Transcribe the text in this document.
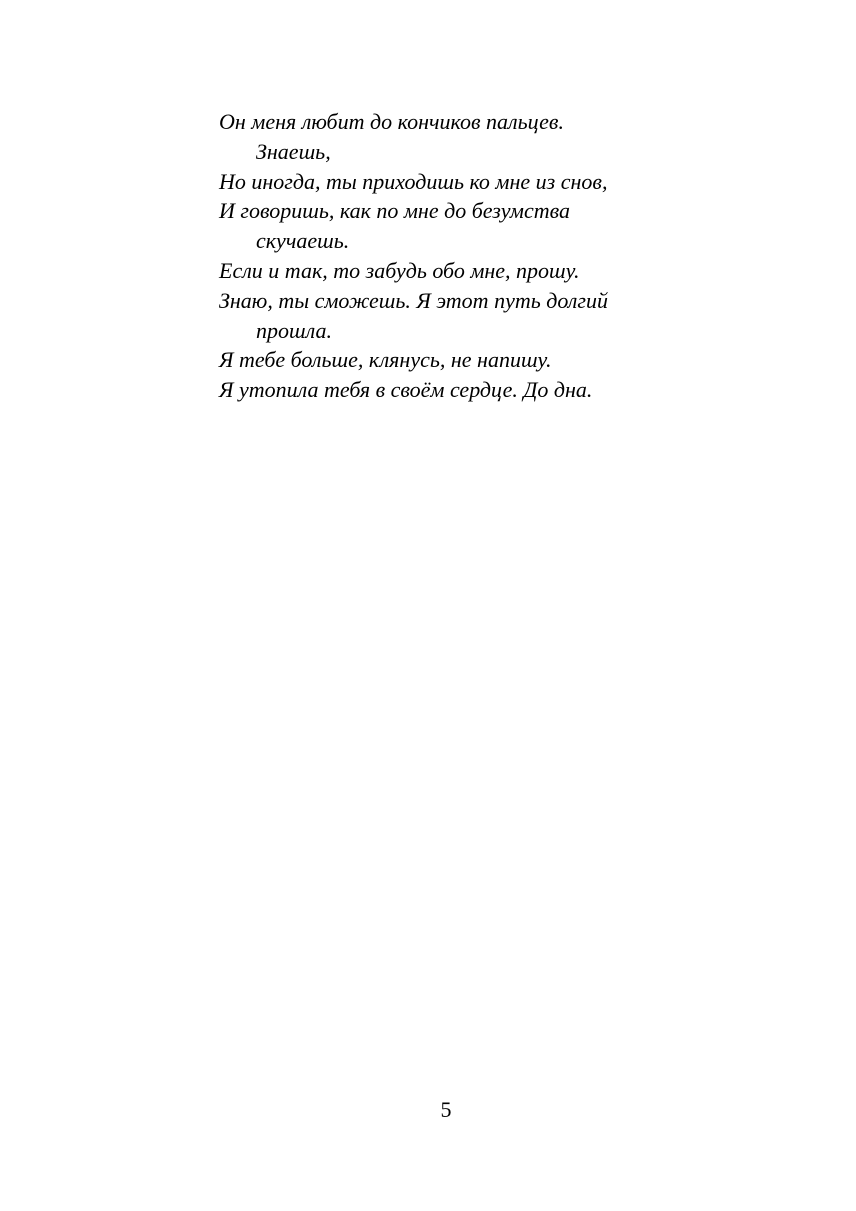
Он меня любит до кончиков пальцев.
Знаешь,
Но иногда, ты приходишь ко мне из снов,
И говоришь, как по мне до безумства
скучаешь.
Если и так, то забудь обо мне, прошу.
Знаю, ты сможешь. Я этот путь долгий
прошла.
Я тебе больше, клянусь, не напишу.
Я утопила тебя в своём сердце. До дна.
5
